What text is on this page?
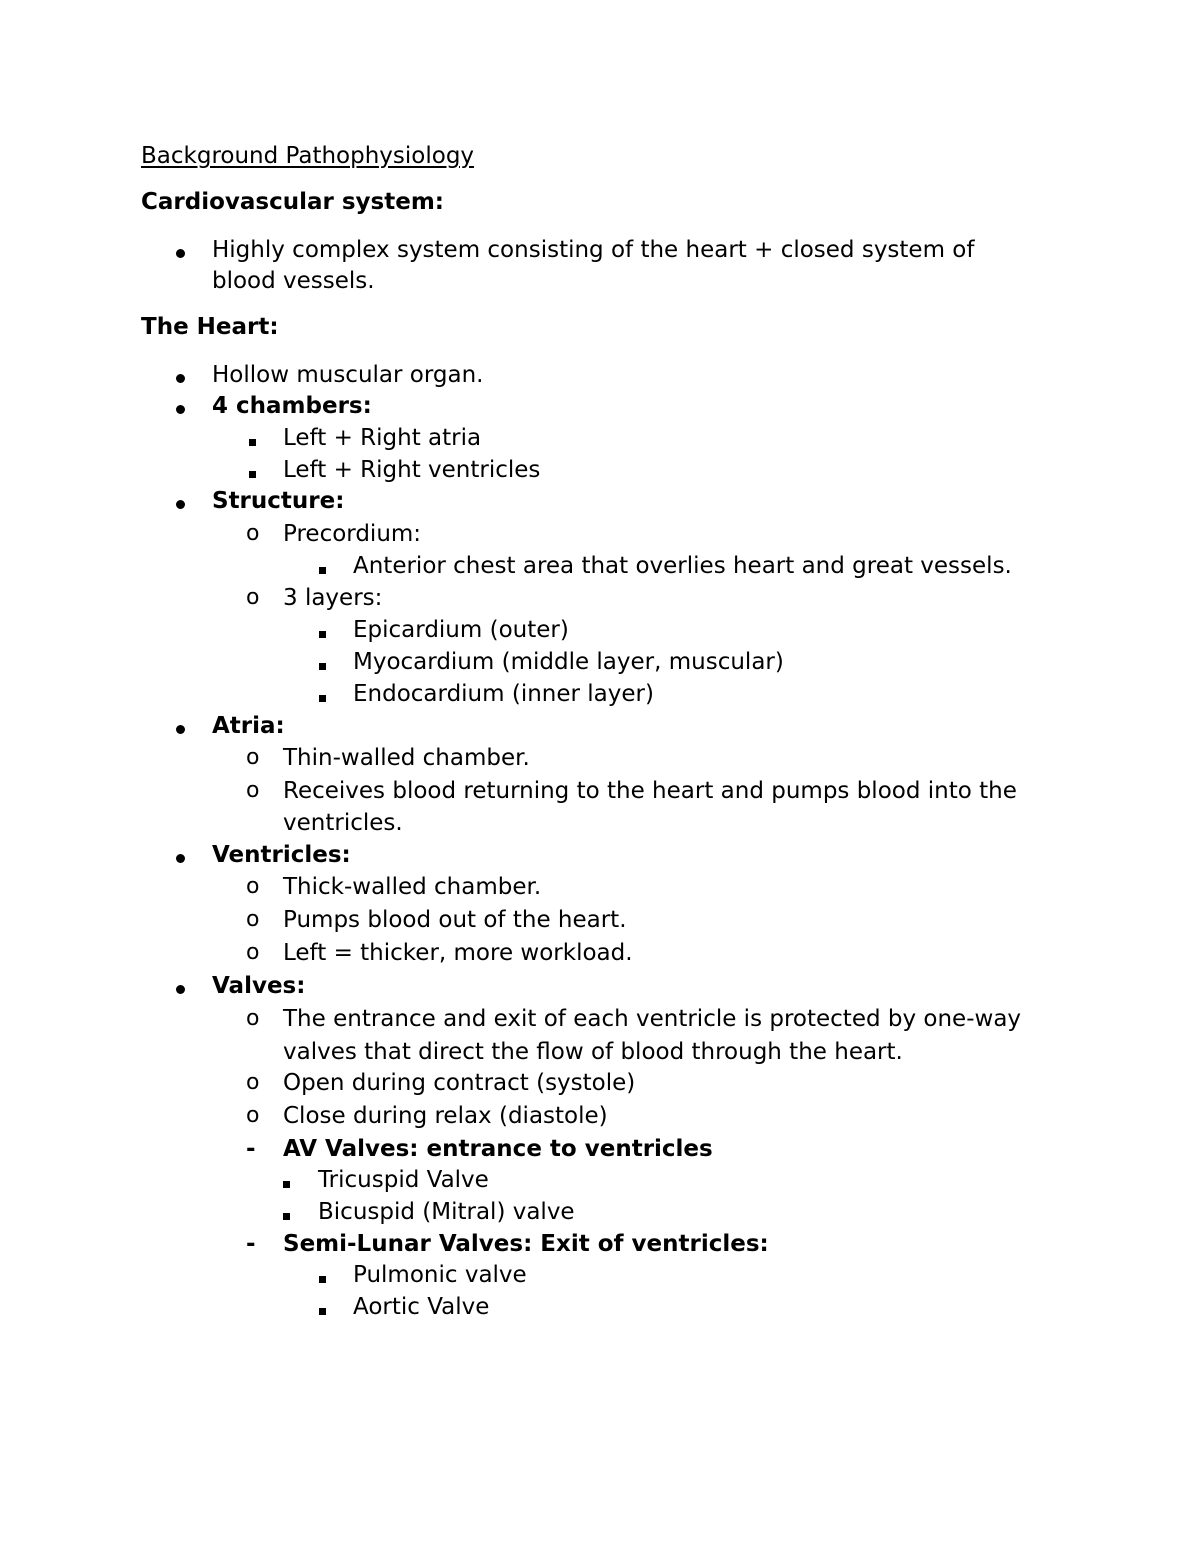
Background Pathophysiology
Cardiovascular system:
Highly complex system consisting of the heart + closed system of
blood vessels.
The Heart:
Hollow muscular organ.
4 chambers:
Left + Right atria
Left + Right ventricles
Structure:
o Precordium:
Anterior chest area that overlies heart and great vessels.
o 3 layers:
Epicardium (outer)
Myocardium (middle layer, muscular)
Endocardium (inner layer)
Atria:
o Thin-walled chamber.
o Receives blood returning to the heart and pumps blood into the
ventricles.
Ventricles:
o Thick-walled chamber.
o Pumps blood out of the heart.
o Left = thicker, more workload.
Valves:
o The entrance and exit of each ventricle is protected by one-way
valves that direct the flow of blood through the heart.
o Open during contract (systole)
o Close during relax (diastole)
- AV Valves: entrance to ventricles
Tricuspid Valve
Bicuspid (Mitral) valve
- Semi-Lunar Valves: Exit of ventricles:
Pulmonic valve
Aortic Valve
